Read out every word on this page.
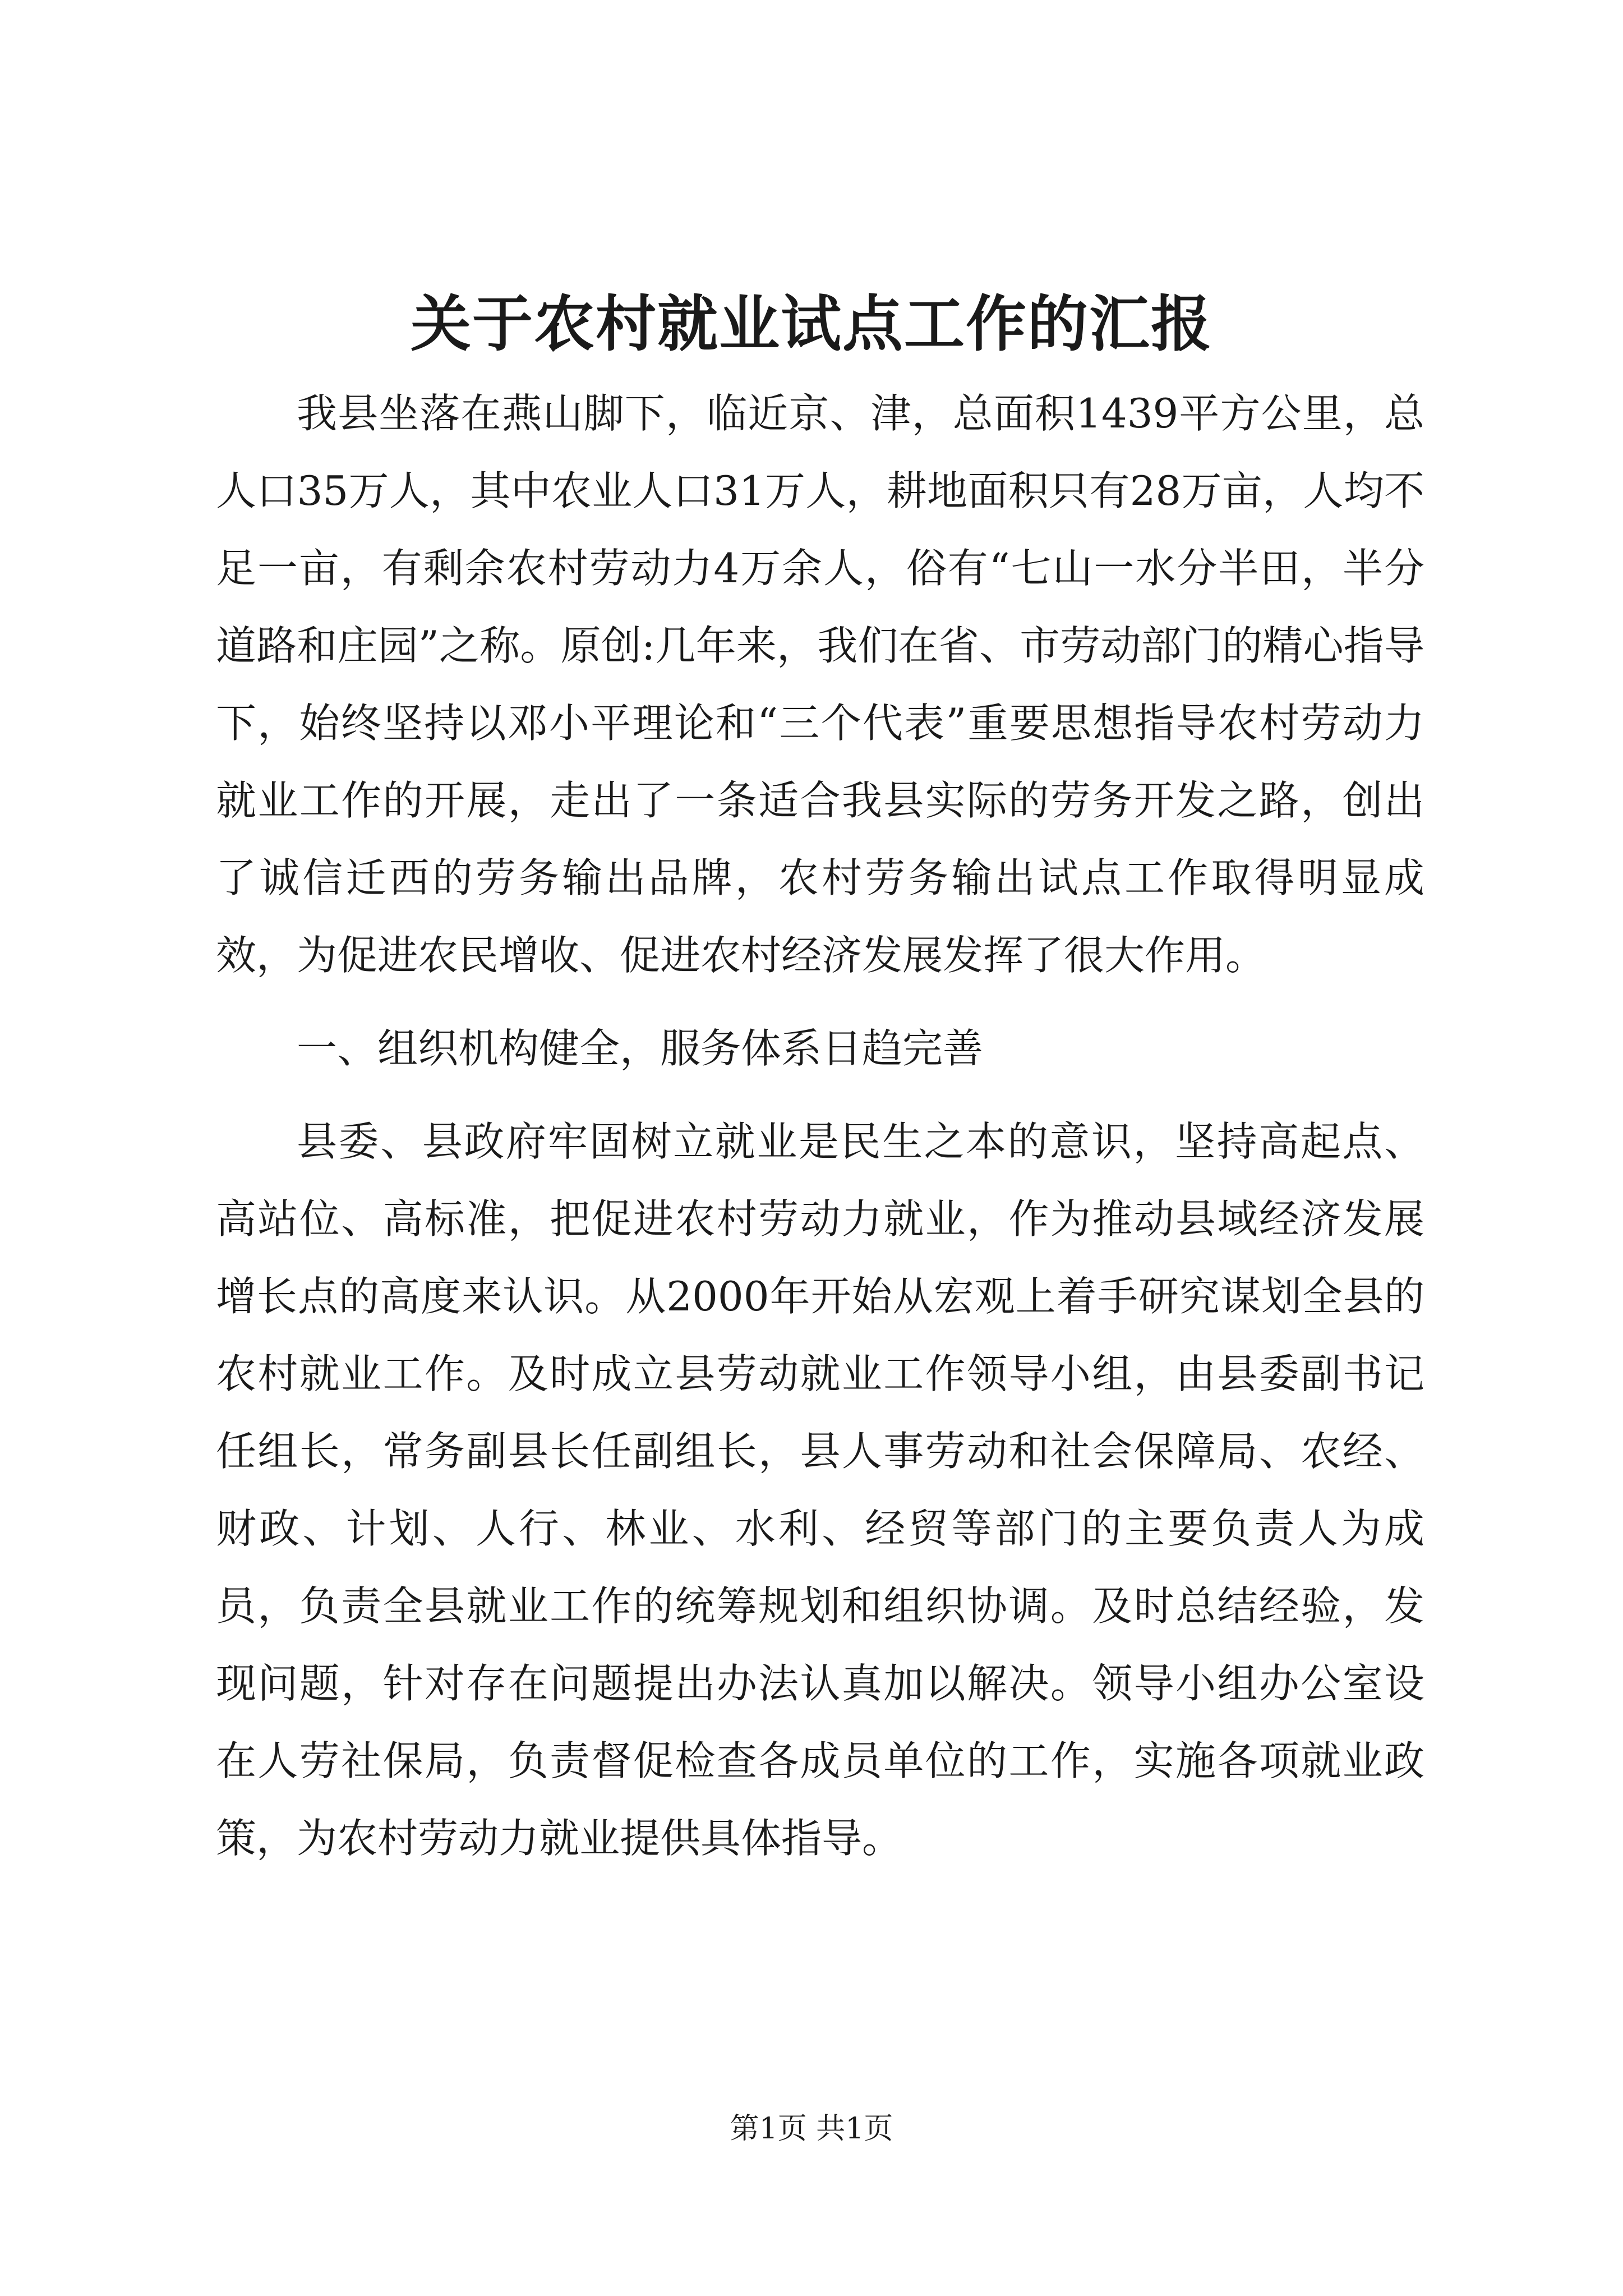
关于农村就业试点工作的汇报

我县坐落在燕山脚下，临近京、津，总面积1439平方公里，总人口35万人，其中农业人口31万人，耕地面积只有28万亩，人均不足一亩，有剩余农村劳动力4万余人，俗有“七山一水分半田，半分道路和庄园”之称。原创:几年来，我们在省、市劳动部门的精心指导下，始终坚持以邓小平理论和“三个代表”重要思想指导农村劳动力就业工作的开展，走出了一条适合我县实际的劳务开发之路，创出了诚信迁西的劳务输出品牌，农村劳务输出试点工作取得明显成效，为促进农民增收、促进农村经济发展发挥了很大作用。

一、组织机构健全，服务体系日趋完善

县委、县政府牢固树立就业是民生之本的意识，坚持高起点、高站位、高标准，把促进农村劳动力就业，作为推动县域经济发展增长点的高度来认识。从2000年开始从宏观上着手研究谋划全县的农村就业工作。及时成立县劳动就业工作领导小组，由县委副书记任组长，常务副县长任副组长，县人事劳动和社会保障局、农经、财政、计划、人行、林业、水利、经贸等部门的主要负责人为成员，负责全县就业工作的统筹规划和组织协调。及时总结经验，发现问题，针对存在问题提出办法认真加以解决。领导小组办公室设在人劳社保局，负责督促检查各成员单位的工作，实施各项就业政策，为农村劳动力就业提供具体指导。

第1页 共1页
